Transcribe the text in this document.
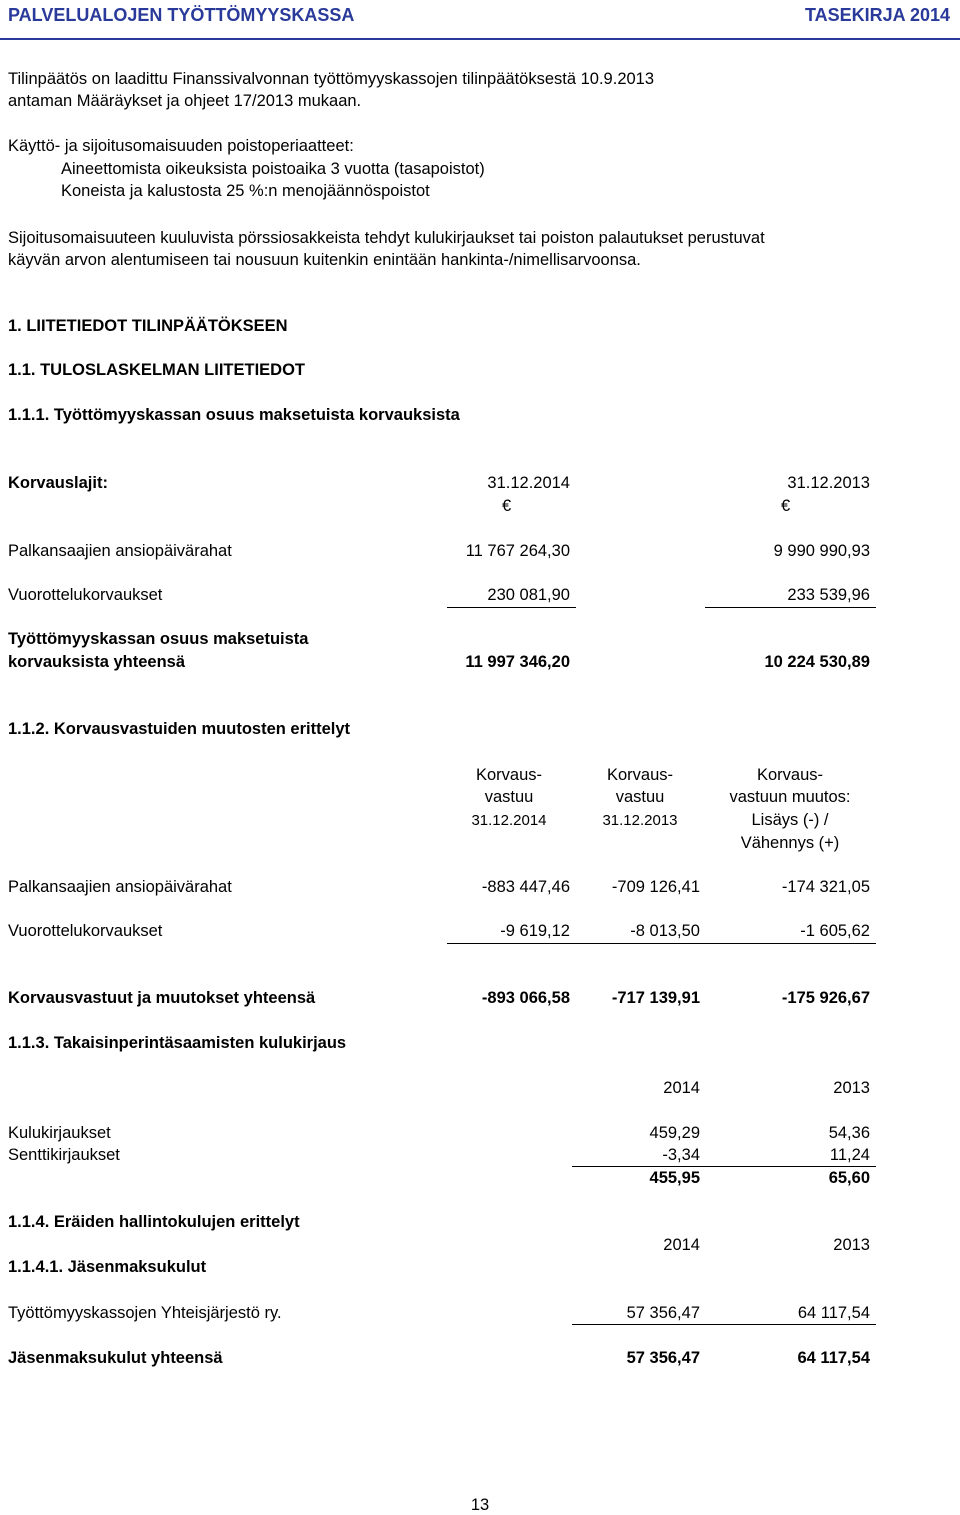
PALVELUALOJEN TYÖTTÖMYYSKASSA	TASEKIRJA 2014
Tilinpäätös on laadittu Finanssivalvonnan työttömyyskassojen tilinpäätöksestä 10.9.2013
antaman Määräykset ja ohjeet 17/2013 mukaan.
Käyttö- ja sijoitusomaisuuden poistoperiaatteet:
Aineettomista oikeuksista poistoaika 3 vuotta (tasapoistot)
Koneista ja kalustosta 25 %:n menojäännöspoistot
Sijoitusomaisuuteen kuuluvista pörssiosakkeista tehdyt kulukirjaukset tai poiston palautukset perustuvat
käyvän arvon alentumiseen tai nousuun kuitenkin enintään hankinta-/nimellisarvoonsa.
1. LIITETIEDOT TILINPÄÄTÖKSEEN
1.1. TULOSLASKELMAN LIITETIEDOT
1.1.1. Työttömyyskassan osuus maksetuista korvauksista
Korvauslajit:	31.12.2014	31.12.2013
€	€
Palkansaajien ansiopäivärahat	11 767 264,30	9 990 990,93
Vuorottelukorvaukset	230 081,90	233 539,96
Työttömyyskassan osuus maksetuista
korvauksista yhteensä	11 997 346,20	10 224 530,89
1.1.2. Korvausvastuiden muutosten erittelyt
Korvaus-
vastuu
31.12.2014
Korvaus-
vastuu
31.12.2013
Korvaus-
vastuun muutos:
Lisäys (-) /
Vähennys (+)
Palkansaajien ansiopäivärahat	-883 447,46	-709 126,41	-174 321,05
Vuorottelukorvaukset	-9 619,12	-8 013,50	-1 605,62
Korvausvastuut ja muutokset yhteensä	-893 066,58	-717 139,91	-175 926,67
1.1.3. Takaisinperintäsaamisten kulukirjaus
2014	2013
Kulukirjaukset	459,29	54,36
Senttikirjaukset	-3,34	11,24
455,95	65,60
1.1.4. Eräiden hallintokulujen erittelyt
2014	2013
1.1.4.1. Jäsenmaksukulut
Työttömyyskassojen Yhteisjärjestö ry.	57 356,47	64 117,54
Jäsenmaksukulut yhteensä	57 356,47	64 117,54
13
